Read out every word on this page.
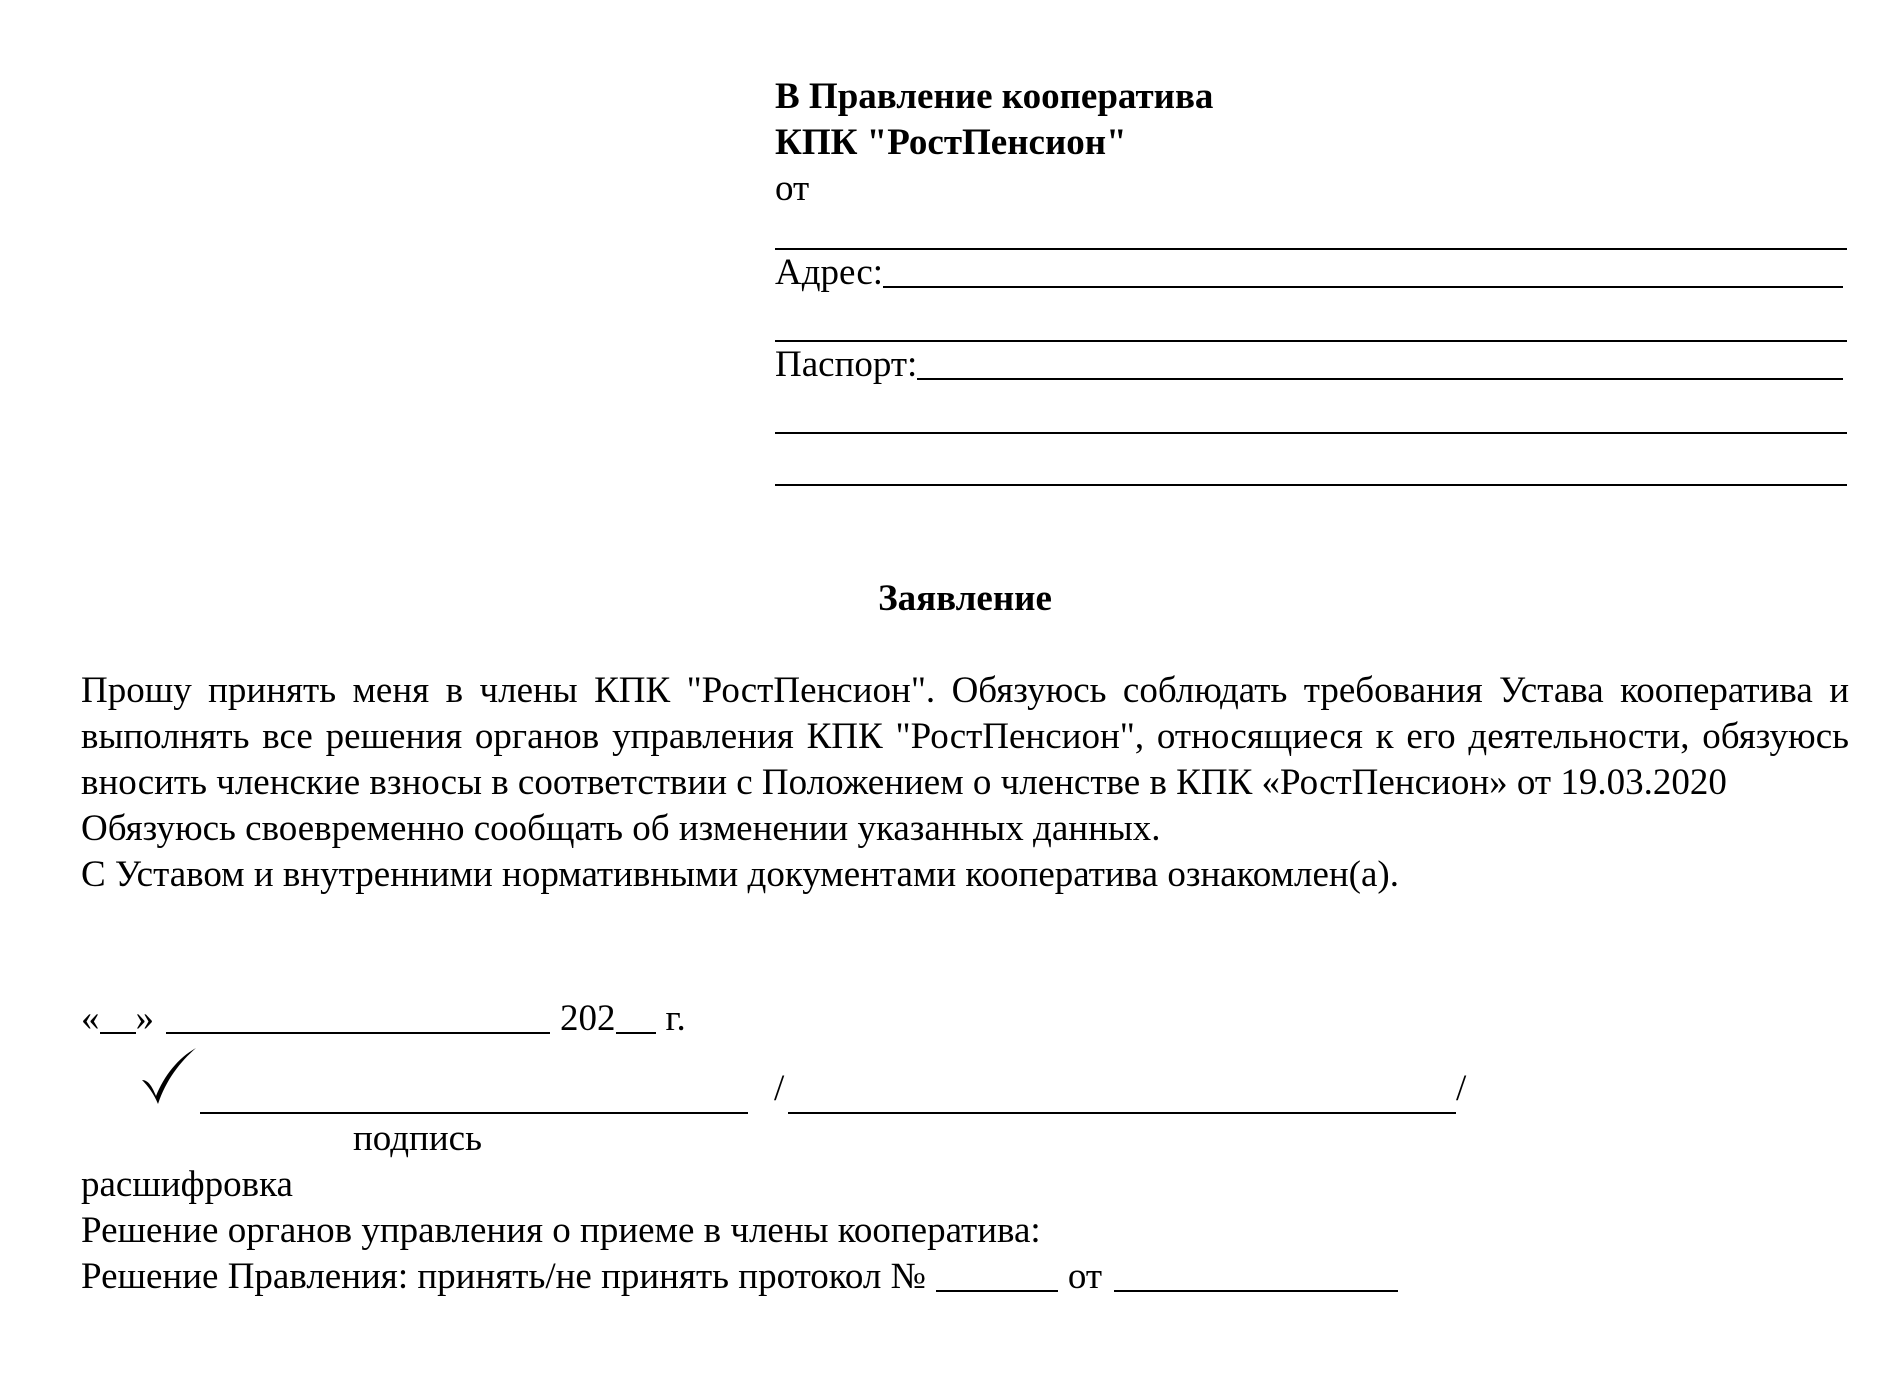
В Правление кооператива
КПК "РостПенсион"
от
Адрес:
Паспорт:
Заявление
Прошу принять меня в члены КПК "РостПенсион". Обязуюсь соблюдать требования Устава кооператива и выполнять все решения органов управления КПК "РостПенсион", относящиеся к его деятельности, обязуюсь вносить членские взносы в соответствии с Положением о членстве в КПК «РостПенсион» от 19.03.2020
Обязуюсь своевременно сообщать об изменении указанных данных.
С Уставом и внутренними нормативными документами кооператива ознакомлен(а).
« »	202 г.
/	/
подпись
расшифровка
Решение органов управления о приеме в члены кооператива:
Решение Правления: принять/не принять протокол №	от
